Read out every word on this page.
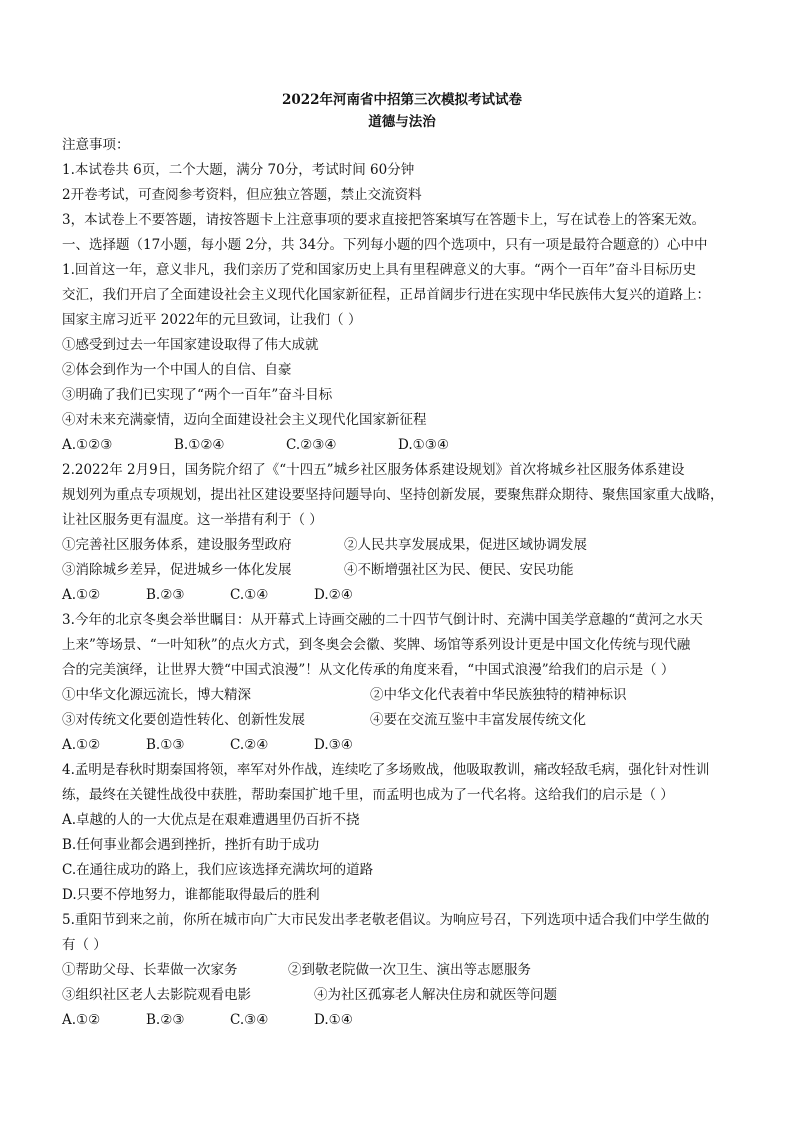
2022年河南省中招第三次模拟考试试卷
道德与法治
注意事项：
1.本试卷共 6页，二个大题，满分 70分，考试时间 60分钟
2开卷考试，可查阅参考资料，但应独立答题，禁止交流资料
3，本试卷上不要答题，请按答题卡上注意事项的要求直接把答案填写在答题卡上，写在试卷上的答案无效。
一、选择题（17小题，每小题 2分，共 34分。下列每小题的四个选项中，只有一项是最符合题意的）心中中
1.回首这一年，意义非凡，我们亲历了党和国家历史上具有里程碑意义的大事。“两个一百年”奋斗目标历史
交汇，我们开启了全面建设社会主义现代化国家新征程，正昂首阔步行进在实现中华民族伟大复兴的道路上：
国家主席习近平 2022年的元旦致词，让我们（ ）
①感受到过去一年国家建设取得了伟大成就
②体会到作为一个中国人的自信、自豪
③明确了我们已实现了“两个一百年”奋斗目标
④对未来充满豪情，迈向全面建设社会主义现代化国家新征程
A.①②③	B.①②④	C.②③④	D.①③④
2.2022年 2月9日，国务院介绍了《“十四五”城乡社区服务体系建设规划》首次将城乡社区服务体系建设
规划列为重点专项规划，提出社区建设要坚持问题导向、坚持创新发展，要聚焦群众期待、聚焦国家重大战略，
让社区服务更有温度。这一举措有利于（ ）
①完善社区服务体系，建设服务型政府	②人民共享发展成果，促进区域协调发展
③消除城乡差异，促进城乡一体化发展	④不断增强社区为民、便民、安民功能
A.①②	B.②③	C.①④	D.②④
3.今年的北京冬奥会举世瞩目：从开幕式上诗画交融的二十四节气倒计时、充满中国美学意趣的“黄河之水天
上来”等场景、“一叶知秋”的点火方式，到冬奥会会徽、奖牌、场馆等系列设计更是中国文化传统与现代融
合的完美演绎，让世界大赞“中国式浪漫”！从文化传承的角度来看，“中国式浪漫”给我们的启示是（ ）
①中华文化源远流长，博大精深	②中华文化代表着中华民族独特的精神标识
③对传统文化要创造性转化、创新性发展	④要在交流互鉴中丰富发展传统文化
A.①②	B.①③	C.②④	D.③④
4.孟明是春秋时期秦国将领，率军对外作战，连续吃了多场败战，他吸取教训，痛改轻敌毛病，强化针对性训
练，最终在关键性战役中获胜，帮助秦国扩地千里，而孟明也成为了一代名将。这给我们的启示是（ ）
A.卓越的人的一大优点是在艰难遭遇里仍百折不挠
B.任何事业都会遇到挫折，挫折有助于成功
C.在通往成功的路上，我们应该选择充满坎坷的道路
D.只要不停地努力，谁都能取得最后的胜利
5.重阳节到来之前，你所在城市向广大市民发出孝老敬老倡议。为响应号召，下列选项中适合我们中学生做的
有（ ）
①帮助父母、长辈做一次家务	②到敬老院做一次卫生、演出等志愿服务
③组织社区老人去影院观看电影	④为社区孤寡老人解决住房和就医等问题
A.①②	B.②③	C.③④	D.①④
